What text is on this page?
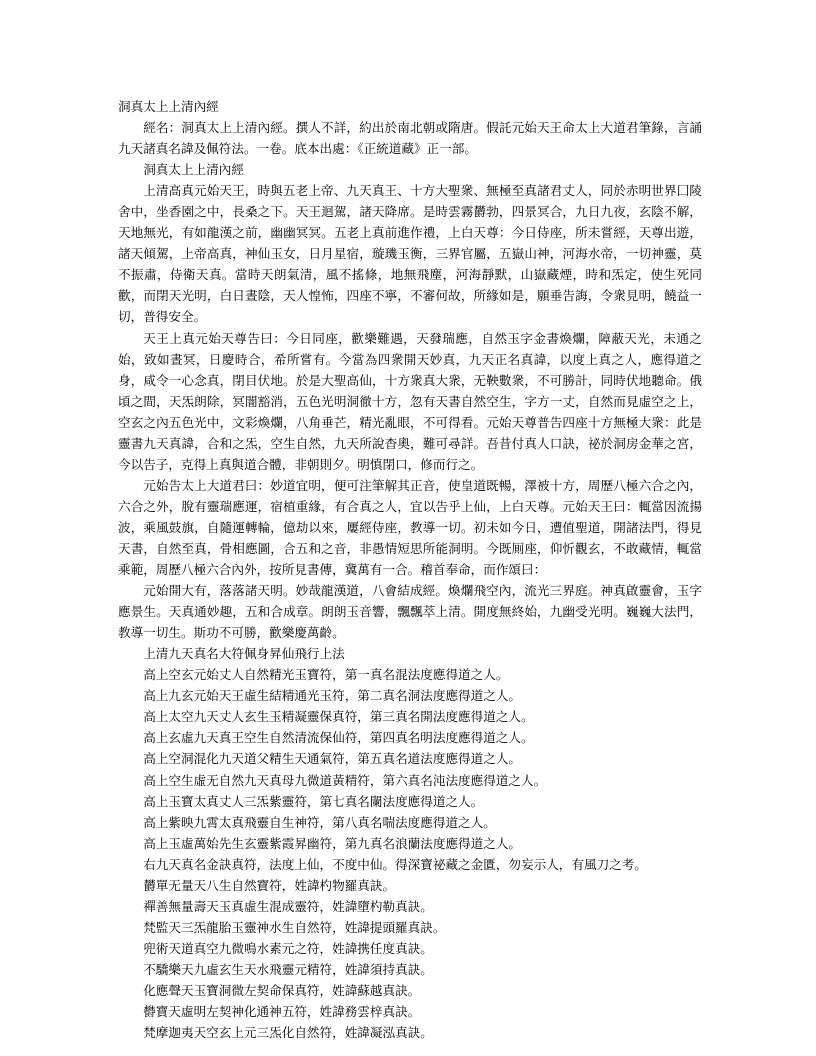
洞真太上上清內經

經名：洞真太上上清內經。撰人不詳，約出於南北朝或隋唐。假託元始天王命太上大道君筆錄，言誦九天諸真名諱及佩符法。一卷。底本出處：《正統道藏》正一部。

洞真太上上清內經

上清高真元始天王，時與五老上帝、九天真王、十方大聖衆、無極至真諸君丈人，同於赤明世界囗陵舍中，坐香園之中，長桑之下。天王迴駕，諸天降席。是時雲霧欝勃，四景冥合，九日九夜，玄陰不解，天地無光，有如龍漢之前，幽幽冥冥。五老上真前進作禮，上白天尊：今日侍座，所未嘗經，天尊出遊，諸天傾駕，上帝高真，神仙玉女，日月星宿，璇璣玉衡，三界官屬，五嶽山神，河海水帝，一切神靈，莫不振肅，侍衛天真。當時天朗氣清，風不搖條，地無飛塵，河海靜默，山嶽藏煙，時和炁定，使生死同歡，而閉天光明，白日晝陰，天人惶怖，四座不寧，不審何故，所緣如是，願垂告誨，令衆見明，饒益一切，普得安全。

天王上真元始天尊告曰：今日同座，歡樂難遇，天發瑞應，自然玉字金書煥爛，障蔽天光，未通之始，致如晝冥，日慶時合，希所嘗有。今當為四衆開天妙真，九天正名真諱，以度上真之人，應得道之身，咸令一心念真，閉目伏地。於是大聖高仙，十方衆真大衆，无鞅數衆，不可勝計，同時伏地聽命。俄頃之間，天炁朗除，冥闇豁消，五色光明洞徹十方，忽有天書自然空生，字方一丈，自然而見虛空之上，空玄之內五色光中，文彩煥爛，八角垂芒，精光亂眼，不可得看。元始天尊普告四座十方無極大衆：此是靈書九天真諱，合和之炁，空生自然，九天所說杳奧，難可尋詳。吾昔付真人口訣，祕於洞房金華之宮，今以告子，克得上真與道合體，非朝則夕。明慎閉口，修而行之。

元始告太上大道君曰：妙道宜明，便可注筆解其正音，使皇道既暢，澤被十方，周歷八極六合之內，六合之外，脫有靈瑞應運，宿植重緣，有合真之人，宜以告乎上仙，上白天尊。元始天王曰：輒當因流揚波，乘風鼓旗，自隨運轉輪，億劫以來，屢經侍座，教導一切。初未如今日，遭值聖道，開諸法門，得見天書，自然至真，骨相應圖，合五和之音，非愚情短思所能洞明。今既厠座，仰忻觀玄，不敢藏情，輒當乘範，周歷八極六合內外，按所見書傳，冀萬有一合。稽首奉命，而作頌曰：

元始開大有，落落諸天明。妙哉龍漢道，八會結成經。煥爛飛空內，流光三界庭。神真啟靈會，玉字應景生。天真通妙趣，五和合成章。朗朗玉音響，飄飄萃上清。開度無終始，九幽受光明。巍巍大法門，教導一切生。斯功不可勝，歡樂慶萬齡。

上清九天真名大符佩身昇仙飛行上法

高上空玄元始丈人自然精光玉寶符，第一真名混法度應得道之人。

高上九玄元始天王虛生結精通光玉符，第二真名洞法度應得道之人。

高上太空九天丈人玄生玉精凝靈保真符，第三真名開法度應得道之人。

高上玄虛九天真王空生自然清流保仙符，第四真名明法度應得道之人。

高上空洞混化九天道父精生天通氣符，第五真名道法度應得道之人。

高上空生虛无自然九天真母九微道黃精符，第六真名沌法度應得道之人。

高上玉寶太真丈人三炁紫靈符，第七真名闌法度應得道之人。

高上紫映九霄太真飛靈自生神符，第八真名喘法度應得道之人。

高上玉虛萬始先生玄靈紫霞昇幽符，第九真名浪蘭法度應得道之人。

右九天真名金訣真符，法度上仙，不度中仙。得深寶祕藏之金匱，勿妄示人，有風刀之考。

欝單无量天八生自然寶符，姓諱杓物羅真訣。

禪善無量壽天玉真虛生混成靈符，姓諱墮杓勒真訣。

梵監天三炁龍胎玉靈神水生自然符，姓諱提頭羅真訣。

兜術天道真空九微鳴水素元之符，姓諱携任度真訣。

不驕樂天九虛玄生天水飛靈元精符，姓諱須持真訣。

化應聲天玉寶洞微左契命保真符，姓諱蘇越真訣。

欎寶天虛明左契神化通神五符，姓諱務雲梓真訣。

梵摩迦夷天空玄上元三炁化自然符，姓諱凝泓真訣。
